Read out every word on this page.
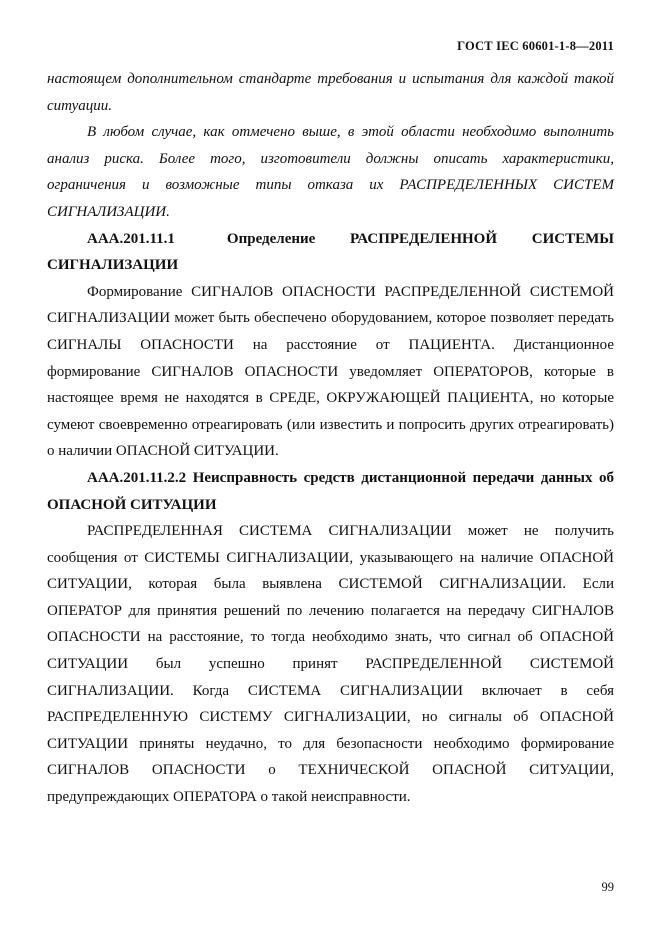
ГОСТ IEC 60601-1-8—2011

настоящем дополнительном стандарте требования и испытания для каждой такой ситуации.

В любом случае, как отмечено выше, в этой области необходимо выполнить анализ риска. Более того, изготовители должны описать характеристики, ограничения и возможные типы отказа их РАСПРЕДЕЛЕННЫХ СИСТЕМ СИГНАЛИЗАЦИИ.

ААА.201.11.1	Определение РАСПРЕДЕЛЕННОЙ СИСТЕМЫ СИГНАЛИЗАЦИИ

Формирование СИГНАЛОВ ОПАСНОСТИ РАСПРЕДЕЛЕННОЙ СИСТЕМОЙ СИГНАЛИЗАЦИИ может быть обеспечено оборудованием, которое позволяет передать СИГНАЛЫ ОПАСНОСТИ на расстояние от ПАЦИЕНТА. Дистанционное формирование СИГНАЛОВ ОПАСНОСТИ уведомляет ОПЕРАТОРОВ, которые в настоящее время не находятся в СРЕДЕ, ОКРУЖАЮЩЕЙ ПАЦИЕНТА, но которые сумеют своевременно отреагировать (или известить и попросить других отреагировать) о наличии ОПАСНОЙ СИТУАЦИИ.

ААА.201.11.2.2 Неисправность средств дистанционной передачи данных об ОПАСНОЙ СИТУАЦИИ

РАСПРЕДЕЛЕННАЯ СИСТЕМА СИГНАЛИЗАЦИИ может не получить сообщения от СИСТЕМЫ СИГНАЛИЗАЦИИ, указывающего на наличие ОПАСНОЙ СИТУАЦИИ, которая была выявлена СИСТЕМОЙ СИГНАЛИЗАЦИИ. Если ОПЕРАТОР для принятия решений по лечению полагается на передачу СИГНАЛОВ ОПАСНОСТИ на расстояние, то тогда необходимо знать, что сигнал об ОПАСНОЙ СИТУАЦИИ был успешно принят РАСПРЕДЕЛЕННОЙ СИСТЕМОЙ СИГНАЛИЗАЦИИ. Когда СИСТЕМА СИГНАЛИЗАЦИИ включает в себя РАСПРЕДЕЛЕННУЮ СИСТЕМУ СИГНАЛИЗАЦИИ, но сигналы об ОПАСНОЙ СИТУАЦИИ приняты неудачно, то для безопасности необходимо формирование СИГНАЛОВ ОПАСНОСТИ о ТЕХНИЧЕСКОЙ ОПАСНОЙ СИТУАЦИИ, предупреждающих ОПЕРАТОРА о такой неисправности.

99
